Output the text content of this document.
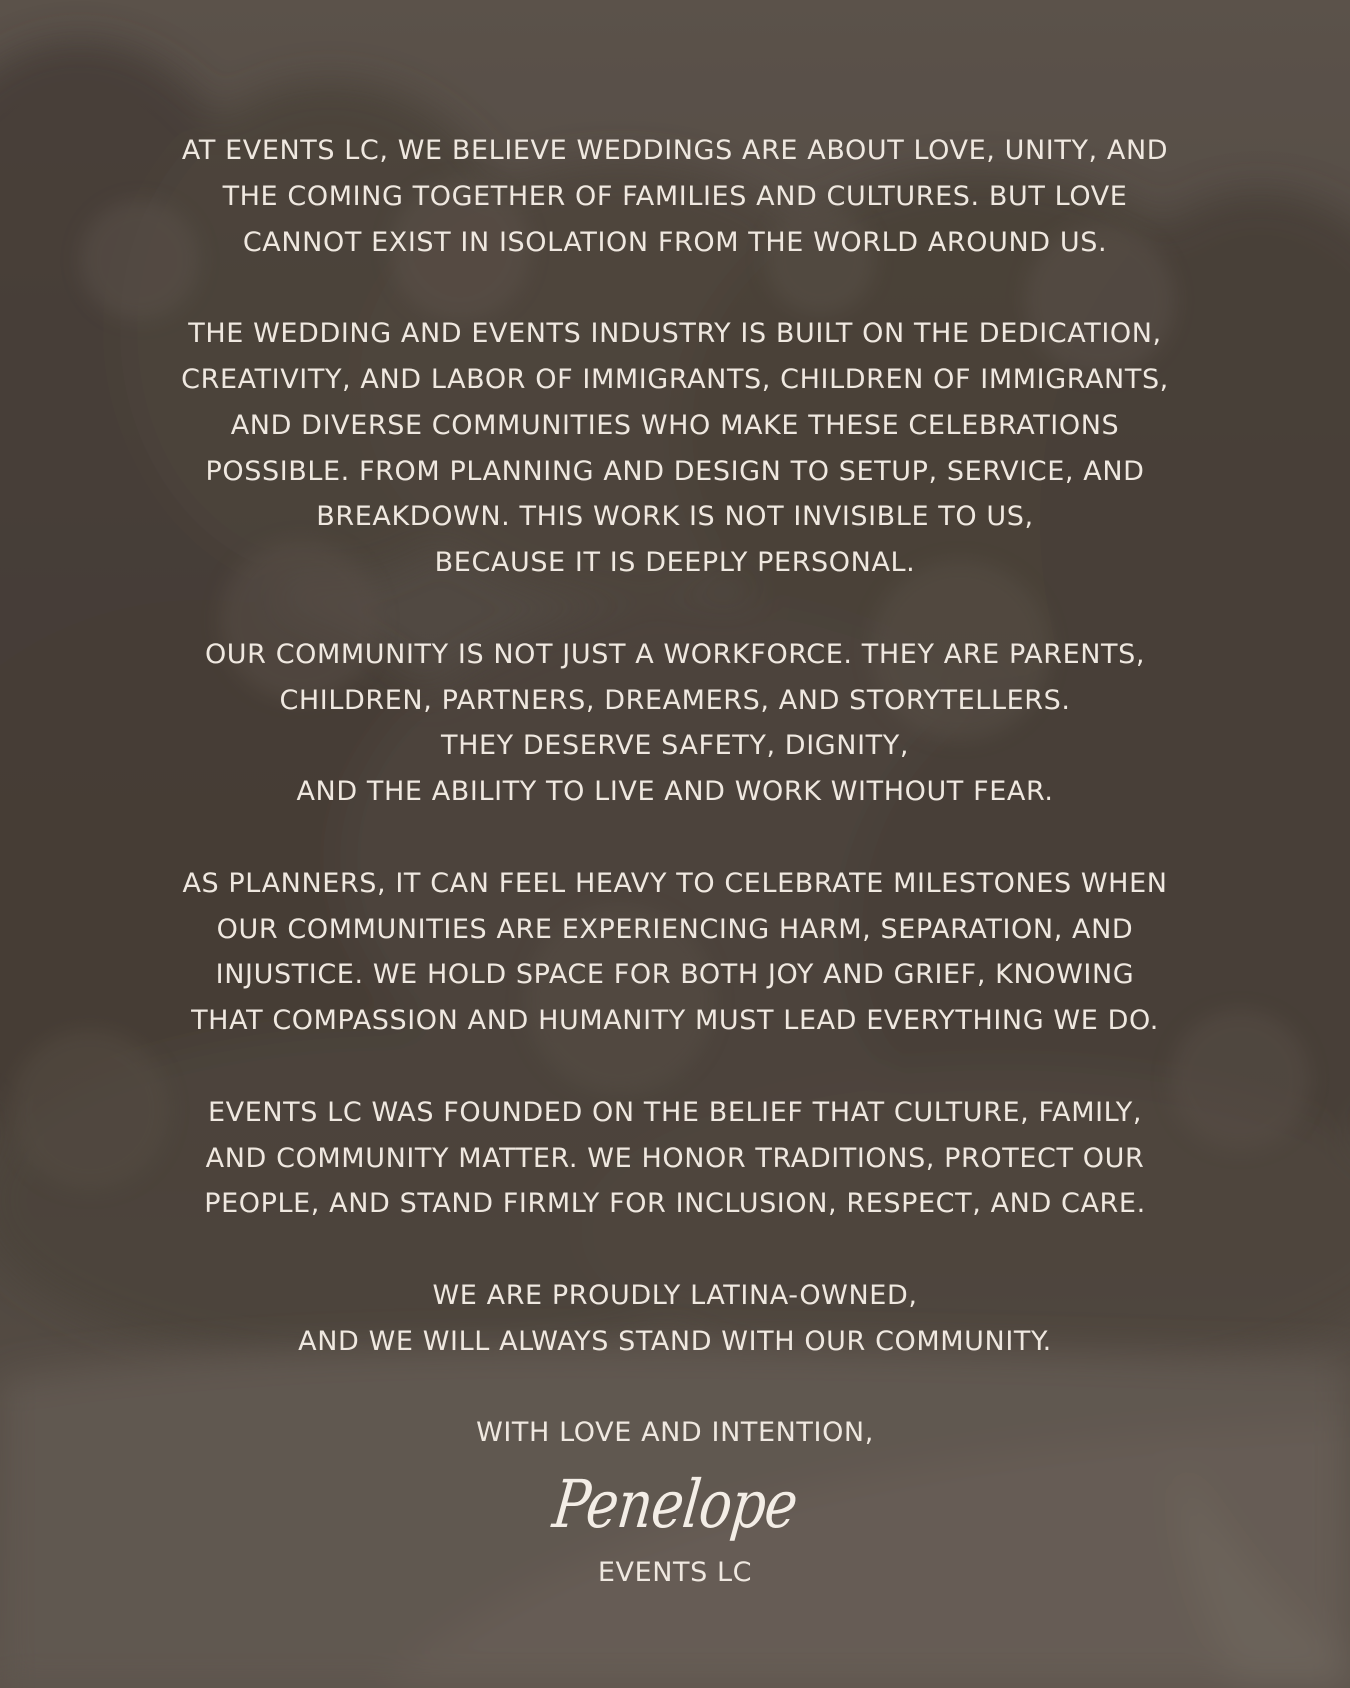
AT EVENTS LC, WE BELIEVE WEDDINGS ARE ABOUT LOVE, UNITY, AND
THE COMING TOGETHER OF FAMILIES AND CULTURES. BUT LOVE
CANNOT EXIST IN ISOLATION FROM THE WORLD AROUND US.
THE WEDDING AND EVENTS INDUSTRY IS BUILT ON THE DEDICATION,
CREATIVITY, AND LABOR OF IMMIGRANTS, CHILDREN OF IMMIGRANTS,
AND DIVERSE COMMUNITIES WHO MAKE THESE CELEBRATIONS
POSSIBLE. FROM PLANNING AND DESIGN TO SETUP, SERVICE, AND
BREAKDOWN. THIS WORK IS NOT INVISIBLE TO US,
BECAUSE IT IS DEEPLY PERSONAL.
OUR COMMUNITY IS NOT JUST A WORKFORCE. THEY ARE PARENTS,
CHILDREN, PARTNERS, DREAMERS, AND STORYTELLERS.
THEY DESERVE SAFETY, DIGNITY,
AND THE ABILITY TO LIVE AND WORK WITHOUT FEAR.
AS PLANNERS, IT CAN FEEL HEAVY TO CELEBRATE MILESTONES WHEN
OUR COMMUNITIES ARE EXPERIENCING HARM, SEPARATION, AND
INJUSTICE. WE HOLD SPACE FOR BOTH JOY AND GRIEF, KNOWING
THAT COMPASSION AND HUMANITY MUST LEAD EVERYTHING WE DO.
EVENTS LC WAS FOUNDED ON THE BELIEF THAT CULTURE, FAMILY,
AND COMMUNITY MATTER. WE HONOR TRADITIONS, PROTECT OUR
PEOPLE, AND STAND FIRMLY FOR INCLUSION, RESPECT, AND CARE.
WE ARE PROUDLY LATINA-OWNED,
AND WE WILL ALWAYS STAND WITH OUR COMMUNITY.
WITH LOVE AND INTENTION,
Penelope
EVENTS LC
